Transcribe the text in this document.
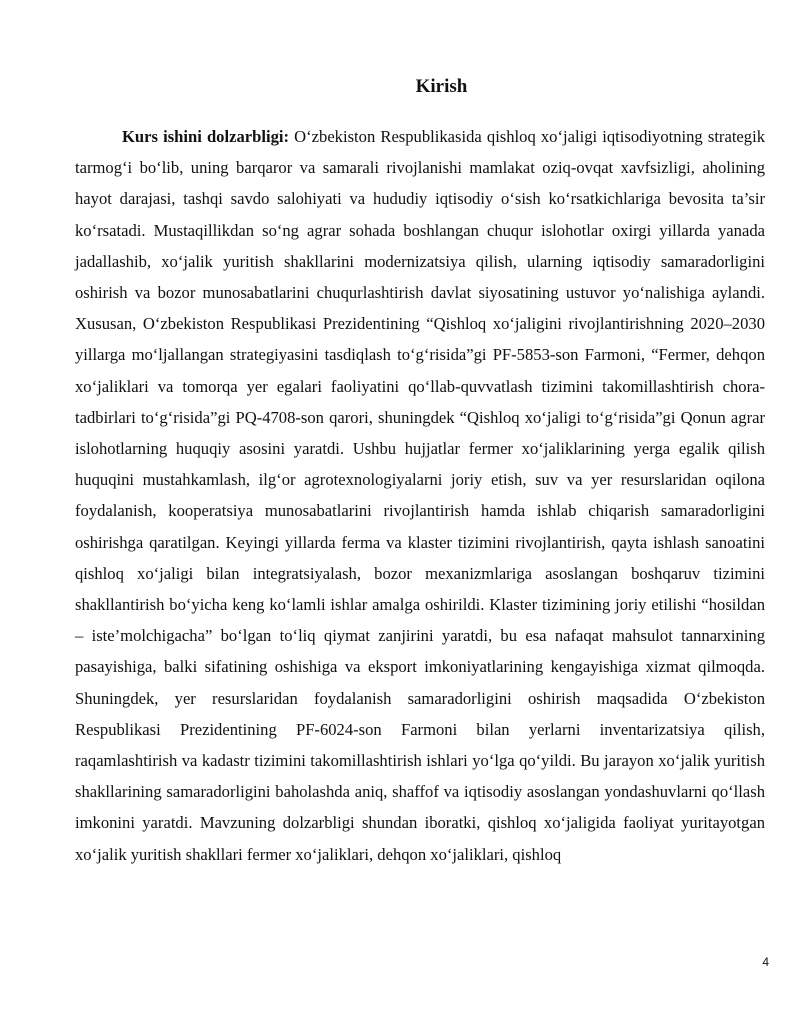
Kirish

Kurs ishini dolzarbligi: O‘zbekiston Respublikasida qishloq xo‘jaligi iqtisodiyotning strategik tarmog‘i bo‘lib, uning barqaror va samarali rivojlanishi mamlakat oziq-ovqat xavfsizligi, aholining hayot darajasi, tashqi savdo salohiyati va hududiy iqtisodiy o‘sish ko‘rsatkichlariga bevosita ta’sir ko‘rsatadi. Mustaqillikdan so‘ng agrar sohada boshlangan chuqur islohotlar oxirgi yillarda yanada jadallashib, xo‘jalik yuritish shakllarini modernizatsiya qilish, ularning iqtisodiy samaradorligini oshirish va bozor munosabatlarini chuqurlashtirish davlat siyosatining ustuvor yo‘nalishiga aylandi. Xususan, O‘zbekiston Respublikasi Prezidentining “Qishloq xo‘jaligini rivojlantirishning 2020–2030 yillarga mo‘ljallangan strategiyasini tasdiqlash to‘g‘risida”gi PF-5853-son Farmoni, “Fermer, dehqon xo‘jaliklari va tomorqa yer egalari faoliyatini qo‘llab-quvvatlash tizimini takomillashtirish chora-tadbirlari to‘g‘risida”gi PQ-4708-son qarori, shuningdek “Qishloq xo‘jaligi to‘g‘risida”gi Qonun agrar islohotlarning huquqiy asosini yaratdi. Ushbu hujjatlar fermer xo‘jaliklarining yerga egalik qilish huquqini mustahkamlash, ilg‘or agrotexnologiyalarni joriy etish, suv va yer resurslaridan oqilona foydalanish, kooperatsiya munosabatlarini rivojlantirish hamda ishlab chiqarish samaradorligini oshirishga qaratilgan. Keyingi yillarda ferma va klaster tizimini rivojlantirish, qayta ishlash sanoatini qishloq xo‘jaligi bilan integratsiyalash, bozor mexanizmlariga asoslangan boshqaruv tizimini shakllantirish bo‘yicha keng ko‘lamli ishlar amalga oshirildi. Klaster tizimining joriy etilishi “hosildan – iste’molchigacha” bo‘lgan to‘liq qiymat zanjirini yaratdi, bu esa nafaqat mahsulot tannarxining pasayishiga, balki sifatining oshishiga va eksport imkoniyatlarining kengayishiga xizmat qilmoqda. Shuningdek, yer resurslaridan foydalanish samaradorligini oshirish maqsadida O‘zbekiston Respublikasi Prezidentining PF-6024-son Farmoni bilan yerlarni inventarizatsiya qilish, raqamlashtirish va kadastr tizimini takomillashtirish ishlari yo‘lga qo‘yildi. Bu jarayon xo‘jalik yuritish shakllarining samaradorligini baholashda aniq, shaffof va iqtisodiy asoslangan yondashuvlarni qo‘llash imkonini yaratdi. Mavzuning dolzarbligi shundan iboratki, qishloq xo‘jaligida faoliyat yuritayotgan xo‘jalik yuritish shakllari fermer xo‘jaliklari, dehqon xo‘jaliklari, qishloq

4
